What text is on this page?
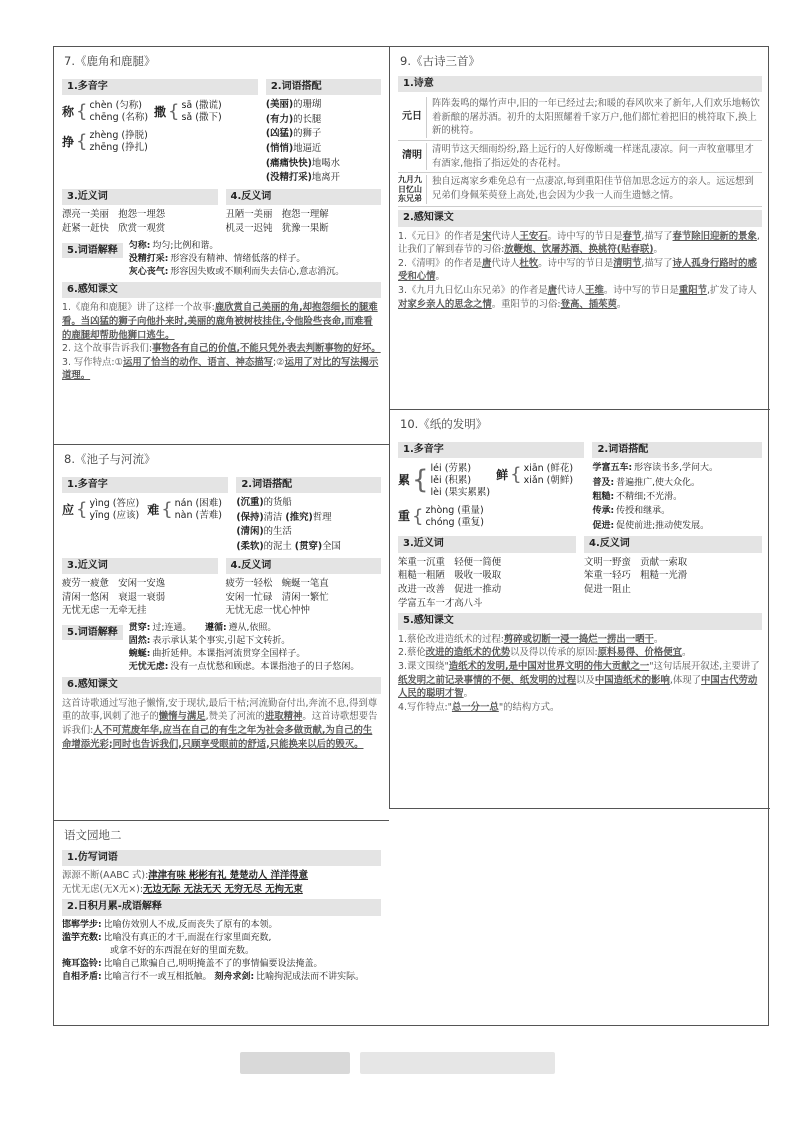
7.《鹿角和鹿腿》
1.多音字
称 { chèn (匀称)
chēng (名称) 撒 { sā (撒谎)
sǎ (撒下)
挣 { zhèng (挣脱)
zhēng (挣扎)
2.词语搭配
(美丽)的珊瑚
(有力)的长腿
(凶猛)的狮子
(悄悄)地逼近
(痛痛快快)地喝水
(没精打采)地离开
3.近义词

漂亮一美丽　抱怨一埋怨

赶紧一赶快　欣赏一观赏

4.反义词

丑陋一美丽　抱怨一理解

机灵一迟钝　犹豫一果断

5.词语解释	匀称: 均匀;比例和谐。

没精打采: 形容没有精神、情绪低落的样子。

灰心丧气: 形容因失败或不顺利而失去信心,意志消沉。

6.感知课文

1.《鹿角和鹿腿》讲了这样一个故事:鹿欣赏自己美丽的角,却抱怨细长的腿难看。当凶猛的狮子向他扑来时,美丽的鹿角被树枝挂住,令他险些丧命,而难看的鹿腿却帮助他狮口逃生。

2. 这个故事告诉我们:事物各有自己的价值,不能只凭外表去判断事物的好坏。

3. 写作特点:①运用了恰当的动作、语言、神态描写;②运用了对比的写法揭示道理。

8.《池子与河流》
1.多音字
应 { yìng (答应)
yīng (应该) 难 { nán (困难)
nàn (苦难)
2.词语搭配
(沉重)的货船
(保持)清洁 (推究)哲理
(清闲)的生活
(柔软)的泥土 (贯穿)全国
3.近义词

疲劳一疲惫　安闲一安逸

清闲一悠闲　衰退一衰弱

无忧无虑一无牵无挂

4.反义词

疲劳一轻松　蜿蜒一笔直

安闲一忙碌　清闲一繁忙

无忧无虑一忧心忡忡

5.词语解释	贯穿: 过;连通。　　 遵循: 遵从,依照。

固然: 表示承认某个事实,引起下文转折。

蜿蜒: 曲折延伸。本课指河流贯穿全国样子。

无忧无虑: 没有一点忧愁和顾虑。本课指池子的日子悠闲。

6.感知课文

这首诗歌通过写池子懒惰,安于现状,最后干枯;河流勤奋付出,奔流不息,得到尊重的故事,讽刺了池子的懒惰与满足,赞美了河流的进取精神。这首诗歌想要告诉我们:人不可荒废年华,应当在自己的有生之年为社会多做贡献,为自己的生命增添光彩;同时也告诉我们,只顾享受眼前的舒适,只能换来以后的毁灭。

语文园地二
1.仿写词语

源源不断(AABC 式):津津有味 彬彬有礼 楚楚动人 洋洋得意

无忧无虑(无X无×):无边无际 无法无天 无穷无尽 无拘无束

2.日积月累-成语解释

邯郸学步: 比喻仿效别人不成,反而丧失了原有的本领。

滥竽充数: 比喻没有真正的才干,而混在行家里面充数,

或拿不好的东西混在好的里面充数。

掩耳盗铃: 比喻自己欺骗自己,明明掩盖不了的事情偏要设法掩盖。

自相矛盾: 比喻言行不一或互相抵触。 刻舟求剑: 比喻拘泥成法而不讲实际。

9.《古诗三首》
1.诗意
元日
阵阵轰鸣的爆竹声中,旧的一年已经过去;和暖的春风吹来了新年,人们欢乐地畅饮着新酿的屠苏酒。初升的太阳照耀着千家万户,他们都忙着把旧的桃符取下,换上新的桃符。
清明
清明节这天细雨纷纷,路上远行的人好像断魂一样迷乱凄凉。问一声牧童哪里才有酒家,他指了指远处的杏花村。
九月九日忆山东兄弟
独自远离家乡难免总有一点凄凉,每到重阳佳节倍加思念远方的亲人。远远想到兄弟们身佩茱萸登上高处,也会因为少我一人而生遗憾之情。
2.感知课文

1.《元日》的作者是宋代诗人王安石。诗中写的节日是春节,描写了春节除旧迎新的景象,让我们了解到春节的习俗:放鞭炮、饮屠苏酒、换桃符(贴春联)。

2.《清明》的作者是唐代诗人杜牧。诗中写的节日是清明节,描写了诗人孤身行路时的感受和心情。

3.《九月九日忆山东兄弟》的作者是唐代诗人王维。诗中写的节日是重阳节,扩发了诗人对家乡亲人的思念之情。重阳节的习俗:登高、插茱萸。

10.《纸的发明》
1.多音字
累 { léi (劳累)
lěi (积累)
lèi (果实累累)
鲜 { xiān (鲜花)
xiǎn (朝鲜)
重 { zhòng (重量)
chóng (重复)
2.词语搭配

学富五车: 形容读书多,学问大。

普及: 普遍推广,使大众化。

粗糙: 不精细;不光滑。

传承: 传授和继承。

促进: 促使前进;推动使发展。

3.近义词

笨重一沉重　轻便一简便

粗糙一粗陋　吸收一吸取

改进一改善　促进一推动

学富五车一才高八斗

4.反义词

文明一野蛮　贡献一索取

笨重一轻巧　粗糙一光滑

促进一阻止

5.感知课文

1.蔡伦改进造纸术的过程:剪碎或切断一浸一捣烂一捞出一晒干。

2.蔡伦改进的造纸术的优势以及得以传承的原因:原料易得、价格便宜。

3.课文围绕"造纸术的发明,是中国对世界文明的伟大贡献之一"这句话展开叙述,主要讲了纸发明之前记录事情的不便、纸发明的过程以及中国造纸术的影响,体现了中国古代劳动人民的聪明才智。

4.写作特点:"总一分一总"的结构方式。
